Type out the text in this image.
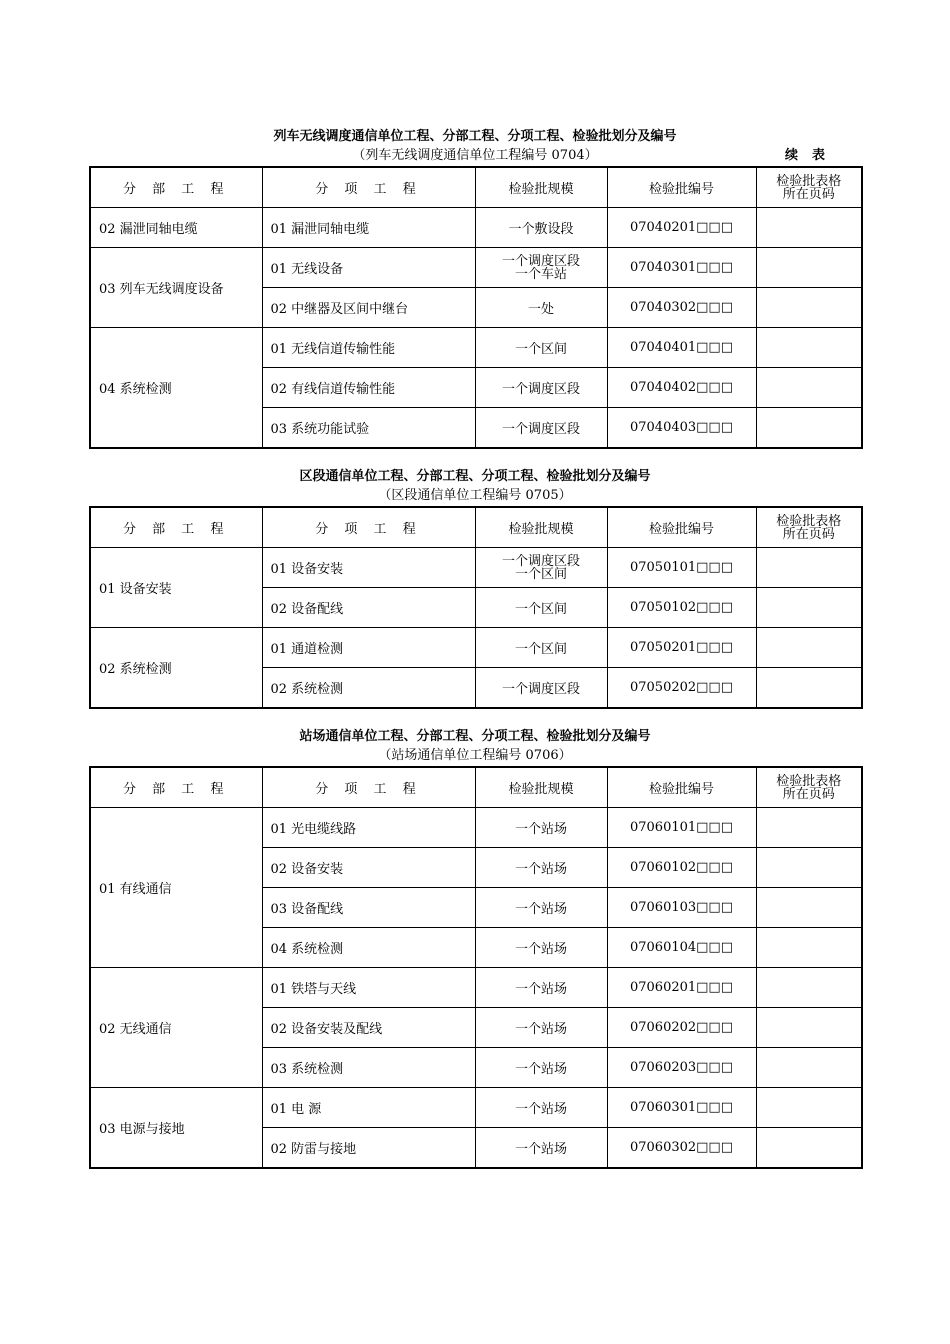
列车无线调度通信单位工程、分部工程、分项工程、检验批划分及编号
（列车无线调度通信单位工程编号 0704）	续表
分 部 工 程	分 项 工 程	检验批规模	检验批编号	检验批表格
所在页码
02 漏泄同轴电缆	01 漏泄同轴电缆	一个敷设段	07040201□□□	
03 列车无线调度设备	01 无线设备	一个调度区段
一个车站	07040301□□□	
	02 中继器及区间中继台	一处	07040302□□□	
04 系统检测	01 无线信道传输性能	一个区间	07040401□□□	
	02 有线信道传输性能	一个调度区段	07040402□□□	
	03 系统功能试验	一个调度区段	07040403□□□	
区段通信单位工程、分部工程、分项工程、检验批划分及编号
（区段通信单位工程编号 0705）
分 部 工 程	分 项 工 程	检验批规模	检验批编号	检验批表格
所在页码
01 设备安装	01 设备安装	一个调度区段
一个区间	07050101□□□	
	02 设备配线	一个区间	07050102□□□	
02 系统检测	01 通道检测	一个区间	07050201□□□	
	02 系统检测	一个调度区段	07050202□□□	
站场通信单位工程、分部工程、分项工程、检验批划分及编号
（站场通信单位工程编号 0706）
分 部 工 程	分 项 工 程	检验批规模	检验批编号	检验批表格
所在页码
01 有线通信	01 光电缆线路	一个站场	07060101□□□	
	02 设备安装	一个站场	07060102□□□	
	03 设备配线	一个站场	07060103□□□	
	04 系统检测	一个站场	07060104□□□	
02 无线通信	01 铁塔与天线	一个站场	07060201□□□	
	02 设备安装及配线	一个站场	07060202□□□	
	03 系统检测	一个站场	07060203□□□	
03 电源与接地	01 电 源	一个站场	07060301□□□	
	02 防雷与接地	一个站场	07060302□□□	
